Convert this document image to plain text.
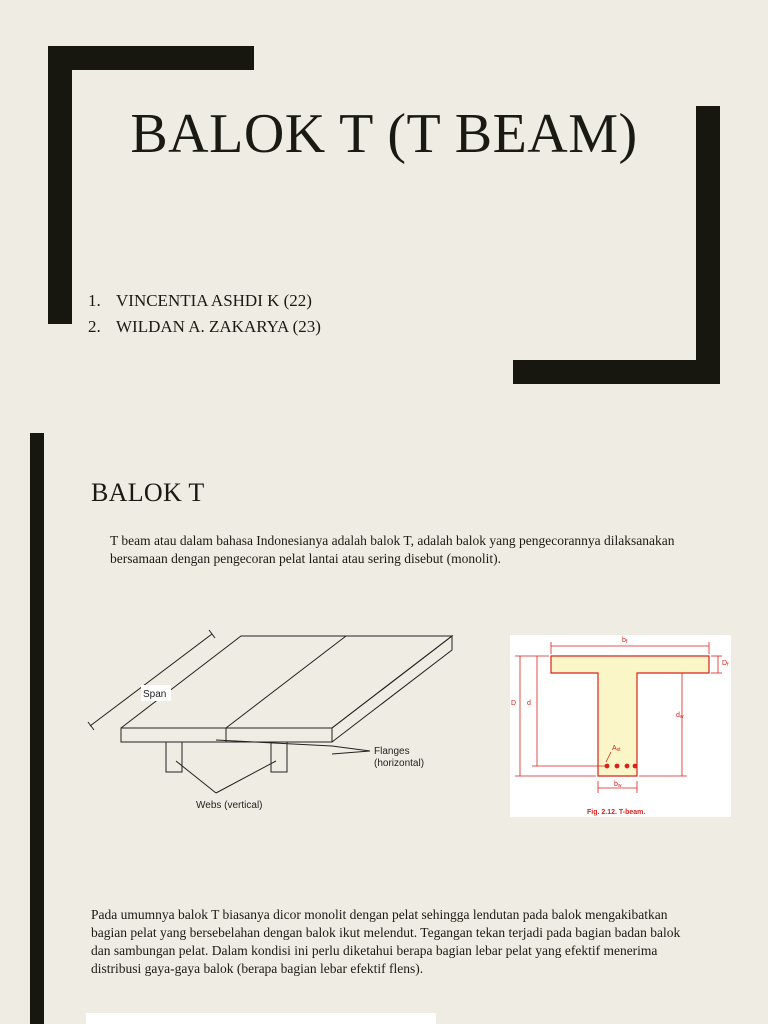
BALOK T (T BEAM)
1. VINCENTIA ASHDI K (22)
2. WILDAN A. ZAKARYA (23)
BALOK T
T beam atau dalam bahasa Indonesianya adalah balok T, adalah balok yang pengecorannya dilaksanakan bersamaan dengan pengecoran pelat lantai atau sering disebut (monolit).
Span
Flanges
(horizontal)
Webs (vertical)
bf
Df
D d
dw
Ast
bw
Fig. 2.12. T-beam.
Pada umumnya balok T biasanya dicor monolit dengan pelat sehingga lendutan pada balok mengakibatkan bagian pelat yang bersebelahan dengan balok ikut melendut. Tegangan tekan terjadi pada bagian badan balok dan sambungan pelat. Dalam kondisi ini perlu diketahui berapa bagian lebar pelat yang efektif menerima distribusi gaya-gaya balok (berapa bagian lebar efektif flens).
